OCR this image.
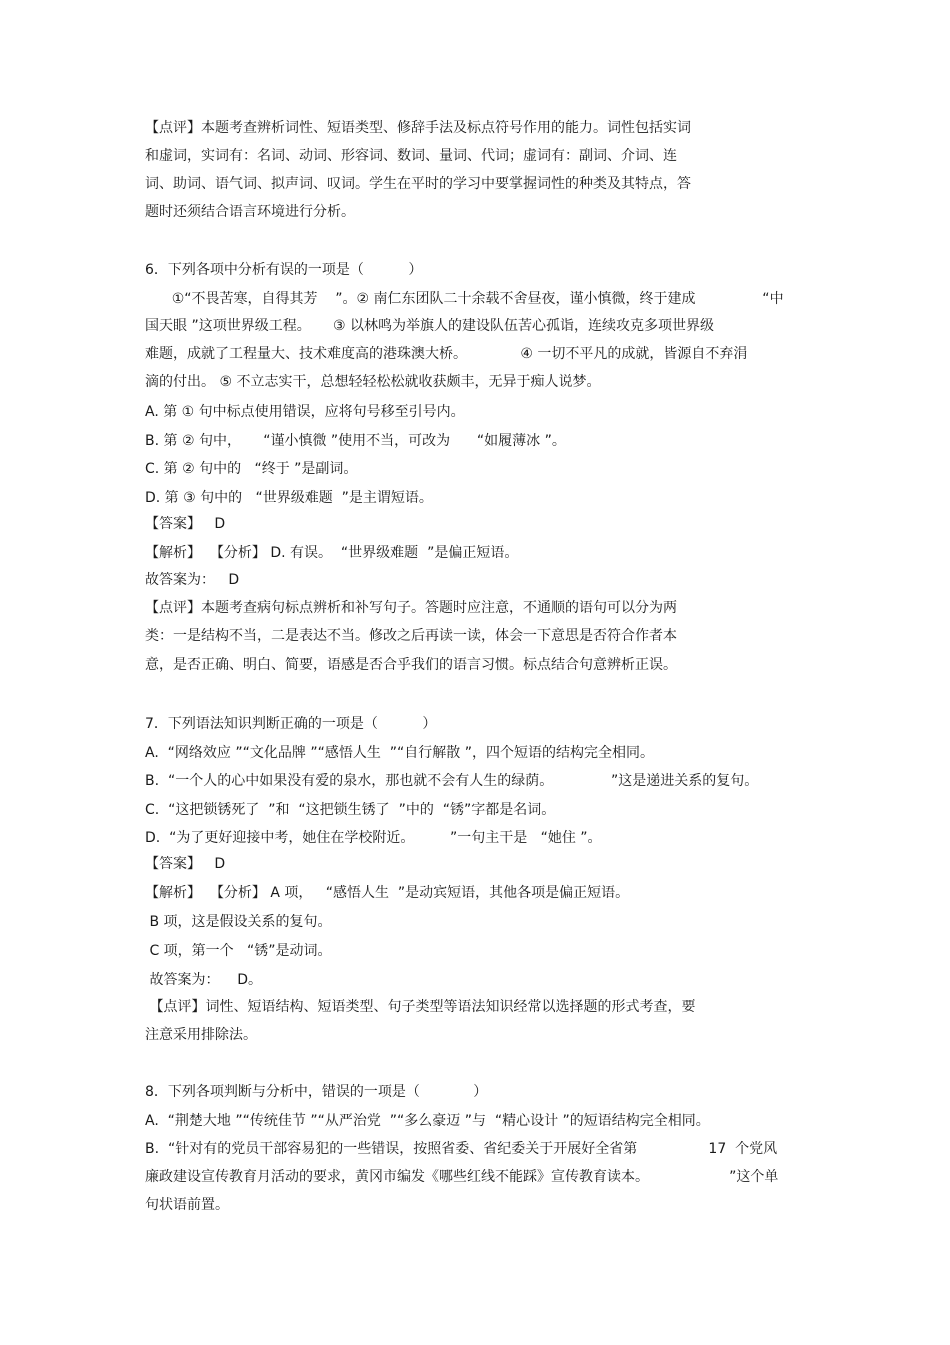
【点评】本题考查辨析词性、短语类型、修辞手法及标点符号作用的能力。词性包括实词
和虚词，实词有：名词、动词、形容词、数词、量词、代词；虚词有：副词、介词、连
词、助词、语气词、拟声词、叹词。学生在平时的学习中要掌握词性的种类及其特点，答
题时还须结合语言环境进行分析。
6．下列各项中分析有误的一项是（          ）
①“不畏苦寒，自得其芳    ”。② 南仁东团队二十余载不舍昼夜，谨小慎微，终于建成               “中
国天眼 ”这项世界级工程。     ③ 以林鸣为举旗人的建设队伍苦心孤诣，连续攻克多项世界级
难题，成就了工程量大、技术难度高的港珠澳大桥。            ④ 一切不平凡的成就，皆源自不弃涓
滴的付出。 ⑤ 不立志实干，总想轻轻松松就收获颇丰，无异于痴人说梦。
A. 第 ① 句中标点使用错误，应将句号移至引号内。
B. 第 ② 句中，     “谨小慎微 ”使用不当，可改为      “如履薄冰 ”。
C. 第 ② 句中的   “终于 ”是副词。
D. 第 ③ 句中的   “世界级难题  ”是主谓短语。
【答案】   D
【解析】  【分析】 D. 有误。  “世界级难题  ”是偏正短语。
故答案为：   D
【点评】本题考查病句标点辨析和补写句子。答题时应注意，不通顺的语句可以分为两
类：一是结构不当，二是表达不当。修改之后再读一读，体会一下意思是否符合作者本
意，是否正确、明白、简要，语感是否合乎我们的语言习惯。标点结合句意辨析正误。
7．下列语法知识判断正确的一项是（          ）
A.  “网络效应 ”“文化品牌 ”“感悟人生  ”“自行解散 ”，四个短语的结构完全相同。
B.  “一个人的心中如果没有爱的泉水，那也就不会有人生的绿荫。             ”这是递进关系的复句。
C.  “这把锁锈死了  ”和  “这把锁生锈了  ”中的  “锈”字都是名词。
D.  “为了更好迎接中考，她住在学校附近。        ”一句主干是   “她住 ”。
【答案】   D
【解析】  【分析】 A 项，   “感悟人生  ”是动宾短语，其他各项是偏正短语。
B 项，这是假设关系的复句。
C 项，第一个   “锈”是动词。
故答案为：    D。
【点评】词性、短语结构、短语类型、句子类型等语法知识经常以选择题的形式考查，要
注意采用排除法。
8．下列各项判断与分析中，错误的一项是（            ）
A.  “荆楚大地 ”“传统佳节 ”“从严治党  ”“多么豪迈 ”与  “精心设计 ”的短语结构完全相同。
B.  “针对有的党员干部容易犯的一些错误，按照省委、省纪委关于开展好全省第                17  个党风
廉政建设宣传教育月活动的要求，黄冈市编发《哪些红线不能踩》宣传教育读本。                  ”这个单
句状语前置。
